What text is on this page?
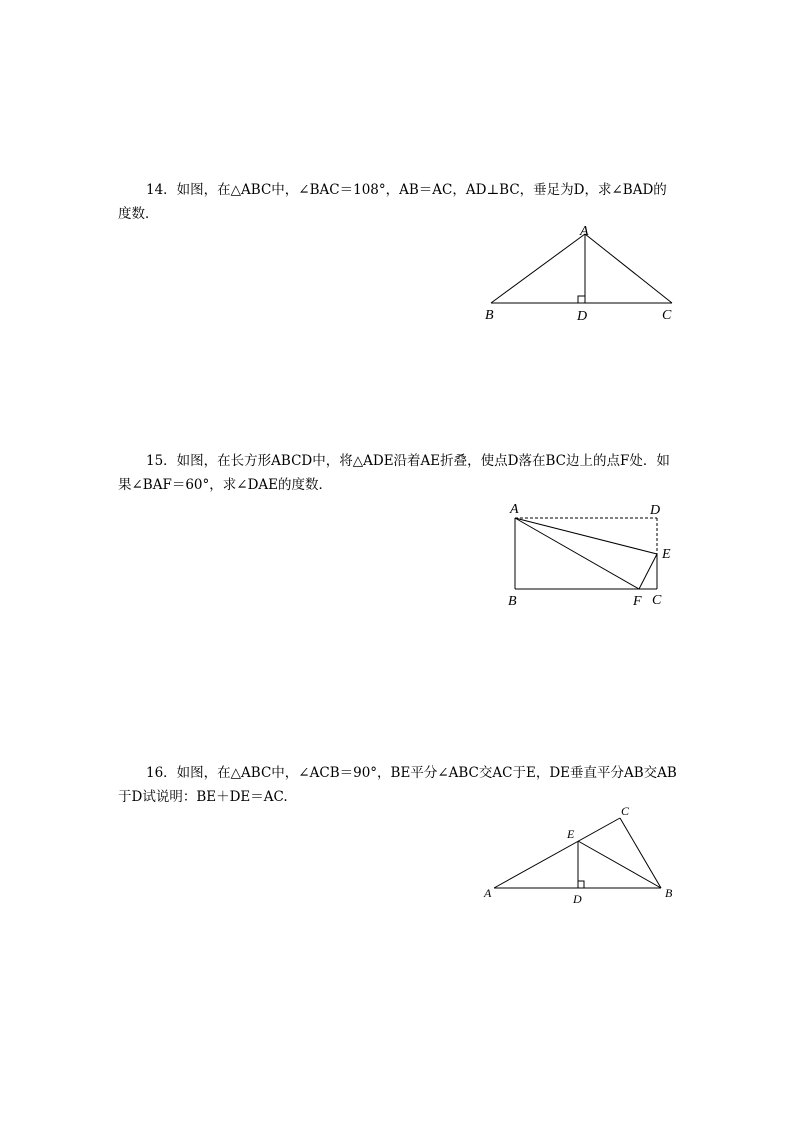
14．如图，在△ABC中，∠BAC＝108°，AB＝AC，AD⊥BC，垂足为D，求∠BAD的度数．

A
B	D	C

15．如图，在长方形ABCD中，将△ADE沿着AE折叠，使点D落在BC边上的点F处．如果∠BAF＝60°，求∠DAE的度数．

A	D
E
B	F C

16．如图，在△ABC中，∠ACB＝90°，BE平分∠ABC交AC于E，DE垂直平分AB交AB于D试说明：BE＋DE＝AC.

C
E
A	D	B
